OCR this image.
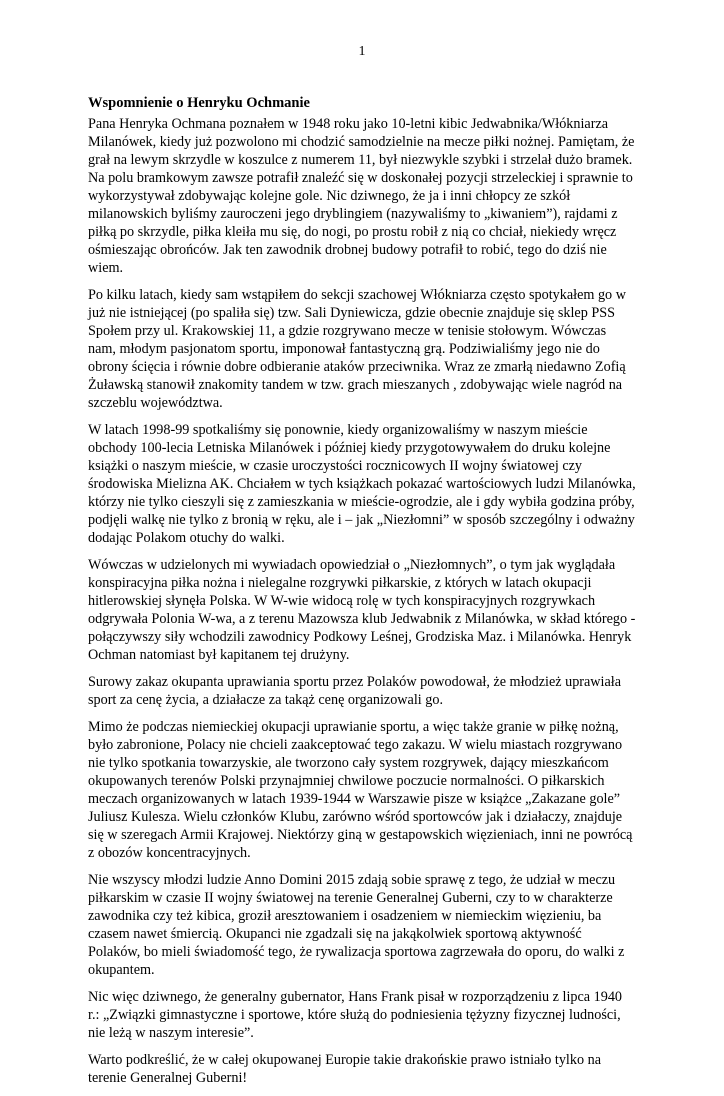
1
Wspomnienie o Henryku Ochmanie

Pana Henryka Ochmana poznałem w 1948 roku jako 10-letni kibic Jedwabnika/Włókniarza Milanówek, kiedy już pozwolono mi chodzić samodzielnie na mecze piłki nożnej. Pamiętam, że grał na lewym skrzydle w koszulce z numerem 11, był niezwykle szybki i strzelał dużo bramek. Na polu bramkowym zawsze potrafił znaleźć się w doskonałej pozycji strzeleckiej i sprawnie to wykorzystywał zdobywając kolejne gole. Nic dziwnego, że ja i inni chłopcy ze szkół milanowskich byliśmy zauroczeni jego dryblingiem (nazywaliśmy to „kiwaniem”), rajdami z piłką po skrzydle, piłka kleiła mu się, do nogi, po prostu robił z nią co chciał, niekiedy wręcz ośmieszając obrońców. Jak ten zawodnik drobnej budowy potrafił to robić, tego do dziś nie wiem.

Po kilku latach, kiedy sam wstąpiłem do sekcji szachowej Włókniarza często spotykałem go w już nie istniejącej (po spaliła się) tzw. Sali Dyniewicza, gdzie obecnie znajduje się sklep PSS Społem przy ul. Krakowskiej 11, a gdzie rozgrywano mecze w tenisie stołowym. Wówczas nam, młodym pasjonatom sportu, imponował fantastyczną grą. Podziwialiśmy jego nie do obrony ścięcia i równie dobre odbieranie ataków przeciwnika. Wraz ze zmarłą niedawno Zofią Żuławską stanowił znakomity tandem w tzw. grach mieszanych , zdobywając wiele nagród na szczeblu województwa.

W latach 1998-99 spotkaliśmy się ponownie, kiedy organizowaliśmy w naszym mieście obchody 100-lecia Letniska Milanówek i później kiedy przygotowywałem do druku kolejne książki o naszym mieście, w czasie uroczystości rocznicowych II wojny światowej czy środowiska Mielizna AK. Chciałem w tych książkach pokazać wartościowych ludzi Milanówka, którzy nie tylko cieszyli się z zamieszkania w mieście-ogrodzie, ale i gdy wybiła godzina próby, podjęli walkę nie tylko z bronią w ręku, ale i – jak „Niezłomni” w sposób szczególny i odważny dodając Polakom otuchy do walki.

Wówczas w udzielonych mi wywiadach opowiedział o „Niezłomnych”, o tym jak wyglądała konspiracyjna piłka nożna i nielegalne rozgrywki piłkarskie, z których w latach okupacji hitlerowskiej słynęła Polska. W W-wie widocą rolę w tych konspiracyjnych rozgrywkach odgrywała Polonia W-wa, a z terenu Mazowsza klub Jedwabnik z Milanówka, w skład którego - połączywszy siły wchodzili zawodnicy Podkowy Leśnej, Grodziska Maz. i Milanówka. Henryk Ochman natomiast był kapitanem tej drużyny.

Surowy zakaz okupanta uprawiania sportu przez Polaków powodował, że młodzież uprawiała sport za cenę życia, a działacze za takąż cenę organizowali go.

Mimo że podczas niemieckiej okupacji uprawianie sportu, a więc także granie w piłkę nożną, było zabronione, Polacy nie chcieli zaakceptować tego zakazu. W wielu miastach rozgrywano nie tylko spotkania towarzyskie, ale tworzono cały system rozgrywek, dający mieszkańcom okupowanych terenów Polski przynajmniej chwilowe poczucie normalności. O piłkarskich meczach organizowanych w latach 1939-1944 w Warszawie pisze w książce „Zakazane gole” Juliusz Kulesza. Wielu członków Klubu, zarówno wśród sportowców jak i działaczy, znajduje się w szeregach Armii Krajowej. Niektórzy giną w gestapowskich więzieniach, inni ne powrócą z obozów koncentracyjnych.

Nie wszyscy młodzi ludzie Anno Domini 2015 zdają sobie sprawę z tego, że udział w meczu piłkarskim w czasie II wojny światowej na terenie Generalnej Guberni, czy to w charakterze zawodnika czy też kibica, groził aresztowaniem i osadzeniem w niemieckim więzieniu, ba czasem nawet śmiercią. Okupanci nie zgadzali się na jakąkolwiek sportową aktywność Polaków, bo mieli świadomość tego, że rywalizacja sportowa zagrzewała do oporu, do walki z okupantem.

Nic więc dziwnego, że generalny gubernator, Hans Frank pisał w rozporządzeniu z lipca 1940 r.: „Związki gimnastyczne i sportowe, które służą do podniesienia tężyzny fizycznej ludności, nie leżą w naszym interesie”.

Warto podkreślić, że w całej okupowanej Europie takie drakońskie prawo istniało tylko na terenie Generalnej Guberni!
